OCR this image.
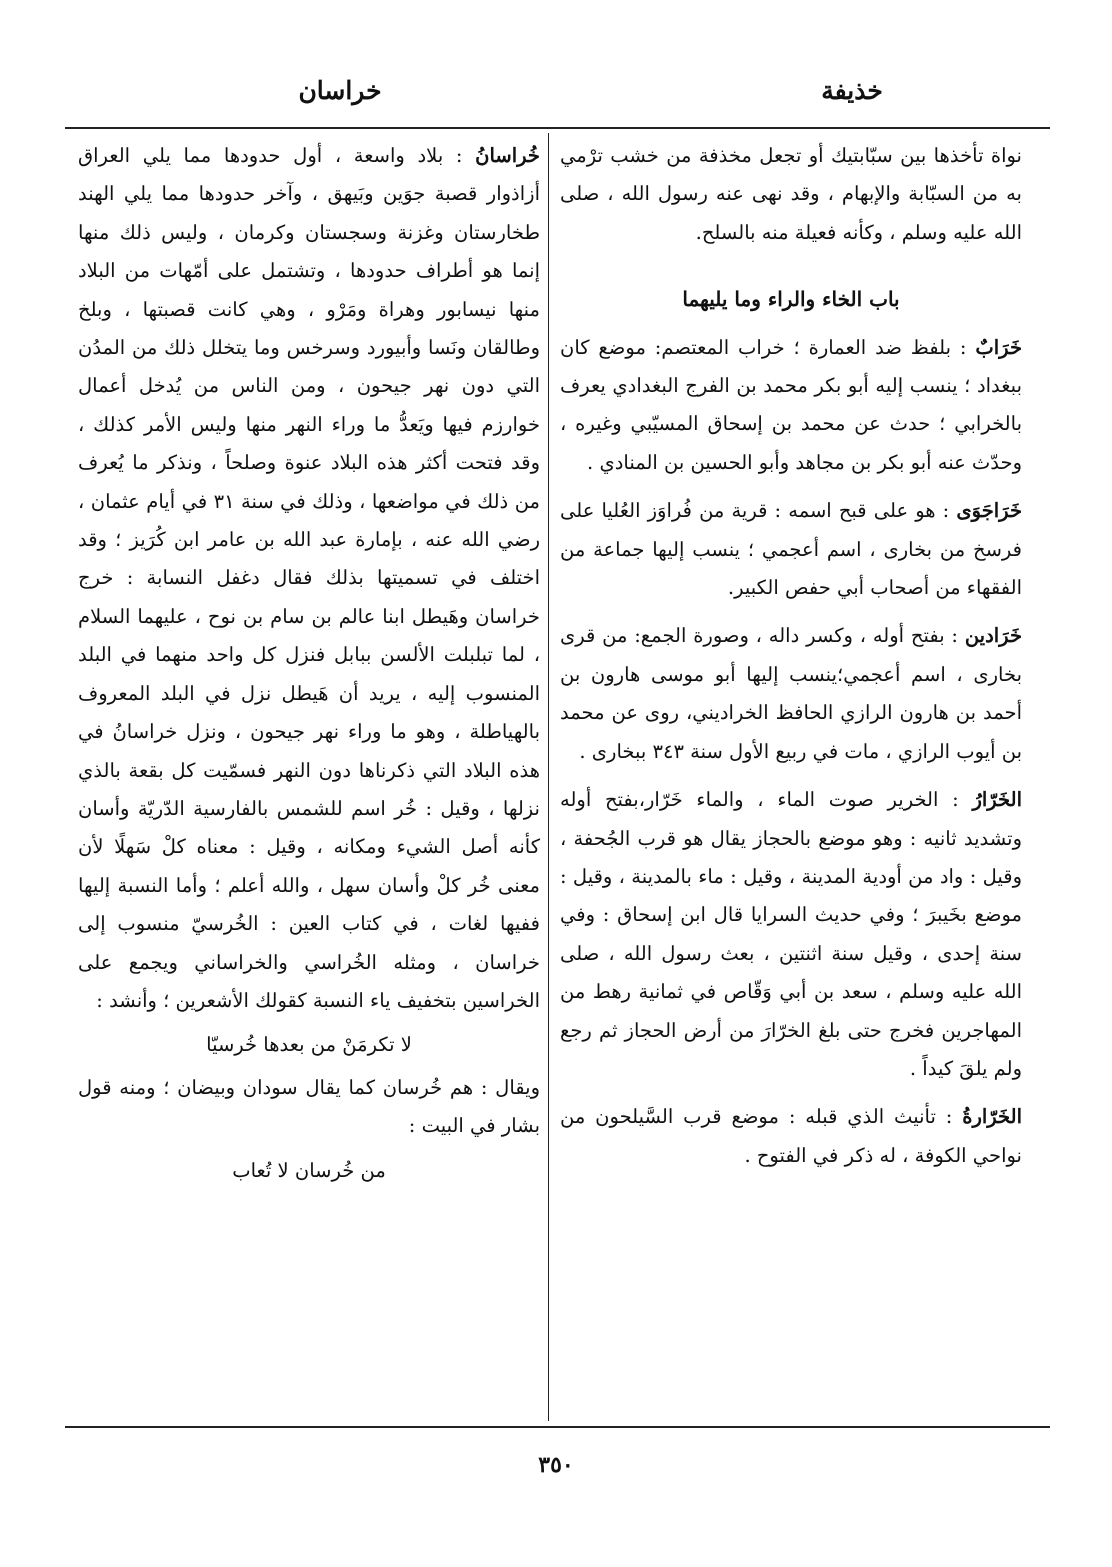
خذيفة
خراسان

نواة تأخذها بين سبّابتيك أو تجعل مخذفة من خشب ترْمي به من السبّابة والإبهام ، وقد نهى عنه رسول الله ، صلى الله عليه وسلم ، وكأنه فعيلة منه بالسلح.

باب الخاء والراء وما يليهما

خَرَابٌ : بلفظ ضد العمارة ؛ خراب المعتصم: موضع كان ببغداد ؛ ينسب إليه أبو بكر محمد بن الفرج البغدادي يعرف بالخرابي ؛ حدث عن محمد بن إسحاق المسيّبي وغيره ، وحدّث عنه أبو بكر بن مجاهد وأبو الحسين بن المنادي .

خَرَاجَوَى : هو على قبح اسمه : قرية من فُراوَز العُليا على فرسخ من بخارى ، اسم أعجمي ؛ ينسب إليها جماعة من الفقهاء من أصحاب أبي حفص الكبير.

خَرَادين : بفتح أوله ، وكسر داله ، وصورة الجمع: من قرى بخارى ، اسم أعجمي؛ينسب إليها أبو موسى هارون بن أحمد بن هارون الرازي الحافظ الخراديني، روى عن محمد بن أيوب الرازي ، مات في ربيع الأول سنة ٣٤٣ ببخارى .

الخَرّارُ : الخرير صوت الماء ، والماء خَرّار،بفتح أوله وتشديد ثانيه : وهو موضع بالحجاز يقال هو قرب الجُحفة ، وقيل : واد من أودية المدينة ، وقيل : ماء بالمدينة ، وقيل : موضع بخَيبرَ ؛ وفي حديث السرايا قال ابن إسحاق : وفي سنة إحدى ، وقيل سنة اثنتين ، بعث رسول الله ، صلى الله عليه وسلم ، سعد بن أبي وَقّاص في ثمانية رهط من المهاجرين فخرج حتى بلغ الخرّارَ من أرض الحجاز ثم رجع ولم يلقَ كيداً .

الخَرّارةُ : تأنيث الذي قبله : موضع قرب السَّيلحون من نواحي الكوفة ، له ذكر في الفتوح .

خُراسانُ : بلاد واسعة ، أول حدودها مما يلي العراق أزاذوار قصبة جوَين وبَيهق ، وآخر حدودها مما يلي الهند طخارستان وغزنة وسجستان وكرمان ، وليس ذلك منها إنما هو أطراف حدودها ، وتشتمل على أمّهات من البلاد منها نيسابور وهراة ومَرْو ، وهي كانت قصبتها ، وبلخ وطالقان ونَسا وأبيورد وسرخس وما يتخلل ذلك من المدُن التي دون نهر جيحون ، ومن الناس من يُدخل أعمال خوارزم فيها ويَعدُّ ما وراء النهر منها وليس الأمر كذلك ، وقد فتحت أكثر هذه البلاد عنوة وصلحاً ، ونذكر ما يُعرف من ذلك في مواضعها ، وذلك في سنة ٣١ في أيام عثمان ، رضي الله عنه ، بإمارة عبد الله بن عامر ابن كُرَيز ؛ وقد اختلف في تسميتها بذلك فقال دغفل النسابة : خرج خراسان وهَيطل ابنا عالم بن سام بن نوح ، عليهما السلام ، لما تبلبلت الألسن ببابل فنزل كل واحد منهما في البلد المنسوب إليه ، يريد أن هَيطل نزل في البلد المعروف بالهياطلة ، وهو ما وراء نهر جيحون ، ونزل خراسانُ في هذه البلاد التي ذكرناها دون النهر فسمّيت كل بقعة بالذي نزلها ، وقيل : خُر اسم للشمس بالفارسية الدّريّة وأسان كأنه أصل الشيء ومكانه ، وقيل : معناه كلْ سَهلًا لأن معنى خُر كلْ وأسان سهل ، والله أعلم ؛ وأما النسبة إليها ففيها لغات ، في كتاب العين : الخُرسيّ منسوب إلى خراسان ، ومثله الخُراسي والخراساني ويجمع على الخراسين بتخفيف ياء النسبة كقولك الأشعرين ؛ وأنشد :

لا تكرمَنْ من بعدها خُرسيّا

ويقال : هم خُرسان كما يقال سودان وبيضان ؛ ومنه قول بشار في البيت :

من خُرسان لا تُعاب

٣٥٠
